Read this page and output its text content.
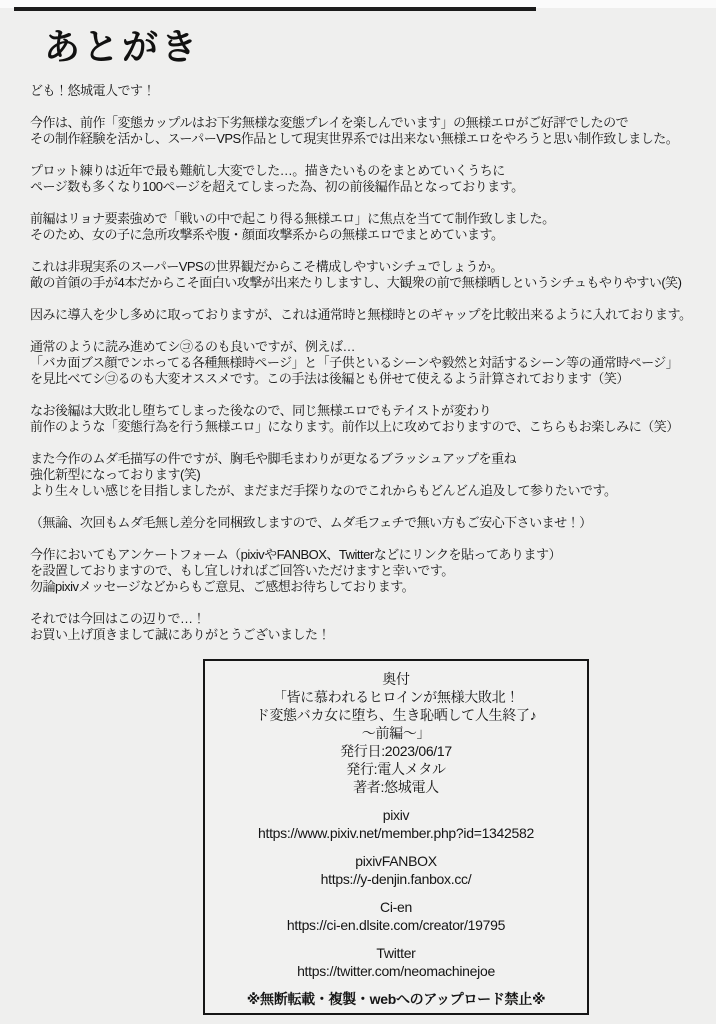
あとがき
ども！悠城電人です！
今作は、前作「変態カップルはお下劣無様な変態プレイを楽しんでいます」の無様エロがご好評でしたので
その制作経験を活かし、スーパーVPS作品として現実世界系では出来ない無様エロをやろうと思い制作致しました。
プロット練りは近年で最も難航し大変でした…。描きたいものをまとめていくうちに
ページ数も多くなり100ページを超えてしまった為、初の前後編作品となっております。
前編はリョナ要素強めで「戦いの中で起こり得る無様エロ」に焦点を当てて制作致しました。
そのため、女の子に急所攻撃系や腹・顔面攻撃系からの無様エロでまとめています。
これは非現実系のスーパーVPSの世界観だからこそ構成しやすいシチュでしょうか。
敵の首領の手が4本だからこそ面白い攻撃が出来たりしますし、大観衆の前で無様晒しというシチュもやりやすい(笑)
因みに導入を少し多めに取っておりますが、これは通常時と無様時とのギャップを比較出来るように入れております。
通常のように読み進めてシ㋙るのも良いですが、例えば…
「バカ面ブス顔でンホってる各種無様時ページ」と「子供といるシーンや毅然と対話するシーン等の通常時ページ」
を見比べてシ㋙るのも大変オススメです。この手法は後編とも併せて使えるよう計算されております（笑）
なお後編は大敗北し堕ちてしまった後なので、同じ無様エロでもテイストが変わり
前作のような「変態行為を行う無様エロ」になります。前作以上に攻めておりますので、こちらもお楽しみに（笑）
また今作のムダ毛描写の件ですが、胸毛や脚毛まわりが更なるブラッシュアップを重ね
強化新型になっております(笑)
より生々しい感じを目指しましたが、まだまだ手探りなのでこれからもどんどん追及して参りたいです。
（無論、次回もムダ毛無し差分を同梱致しますので、ムダ毛フェチで無い方もご安心下さいませ！）
今作においてもアンケートフォーム（pixivやFANBOX、Twitterなどにリンクを貼ってあります）
を設置しておりますので、もし宜しければご回答いただけますと幸いです。
勿論pixivメッセージなどからもご意見、ご感想お待ちしております。
それでは今回はこの辺りで…！
お買い上げ頂きまして誠にありがとうございました！
奥付
「皆に慕われるヒロインが無様大敗北！
ド変態バカ女に堕ち、生き恥晒して人生終了♪
～前編～」
発行日:2023/06/17
発行:電人メタル
著者:悠城電人
pixiv
https://www.pixiv.net/member.php?id=1342582
pixivFANBOX
https://y-denjin.fanbox.cc/
Ci-en
https://ci-en.dlsite.com/creator/19795
Twitter
https://twitter.com/neomachinejoe
※無断転載・複製・webへのアップロード禁止※
